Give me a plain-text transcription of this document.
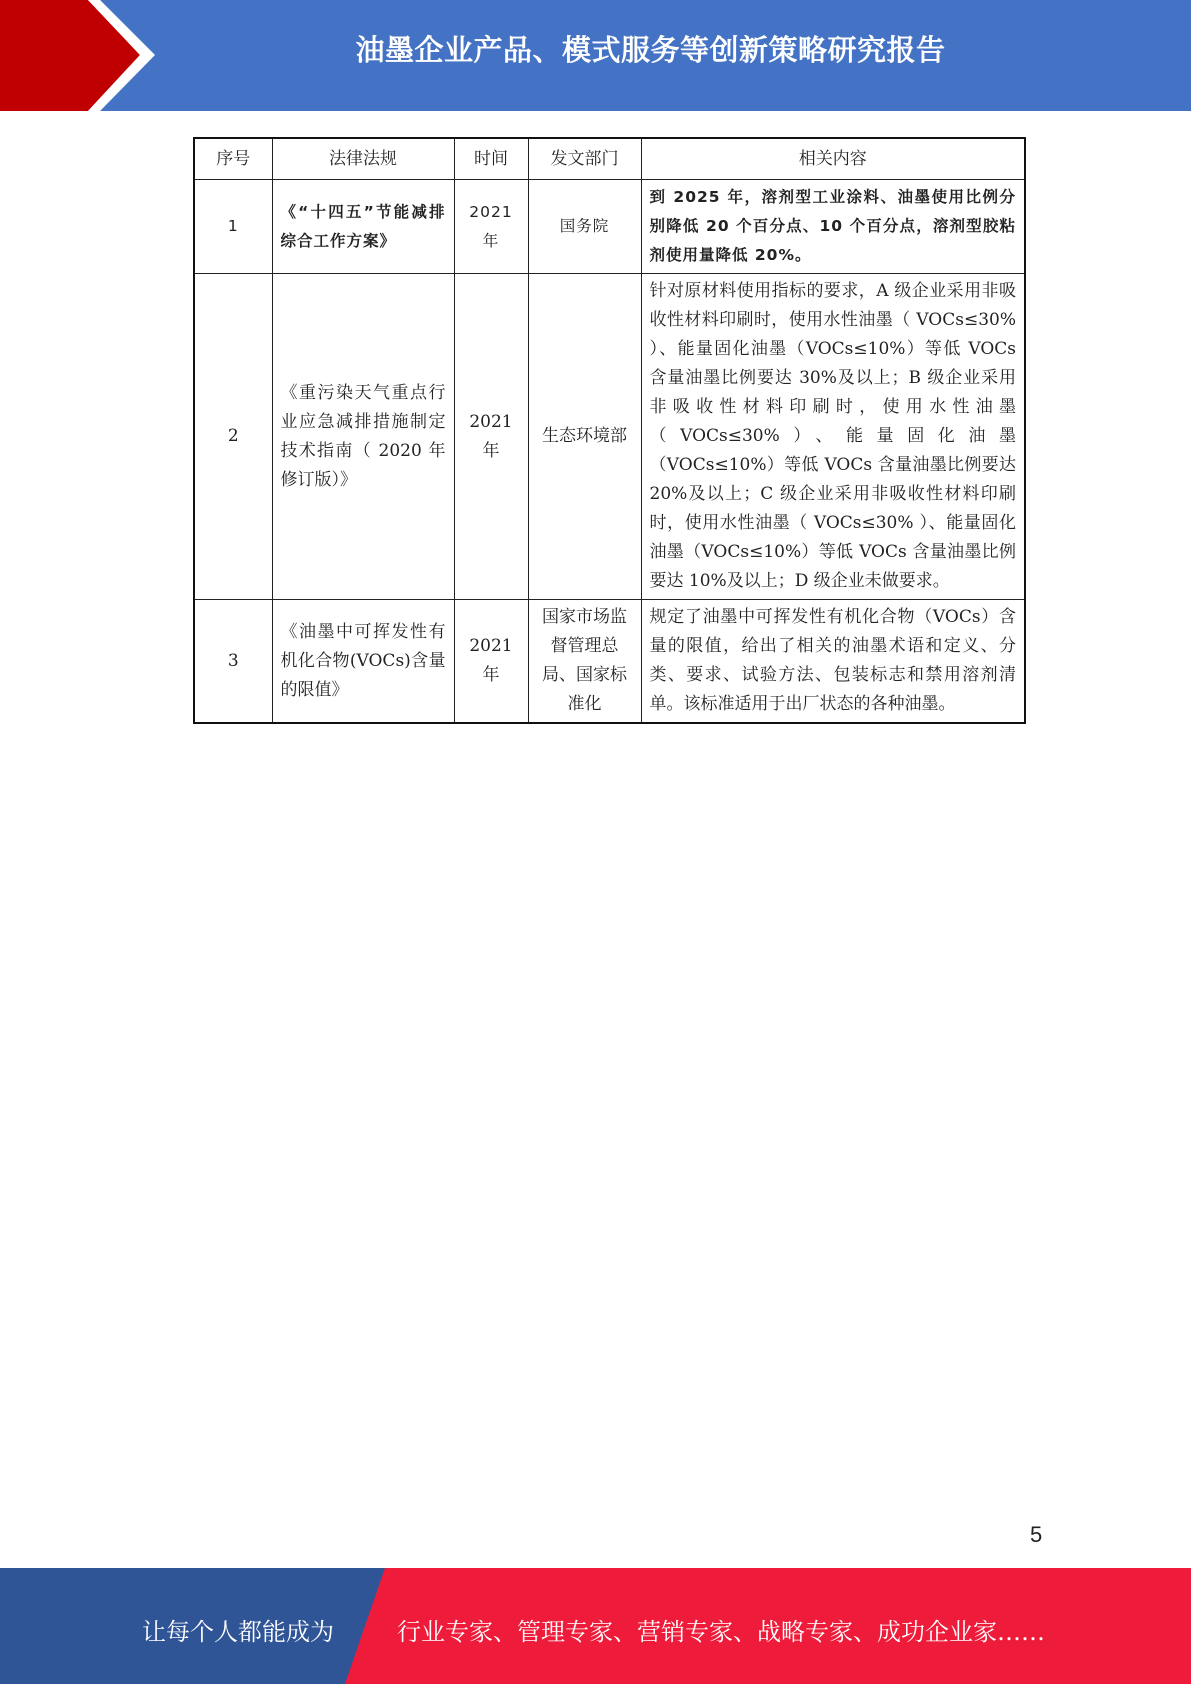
油墨企业产品、模式服务等创新策略研究报告
序号	法律法规	时间	发文部门	相关内容
1	《“十四五”节能减排综合工作方案》	2021年	国务院	到 2025 年，溶剂型工业涂料、油墨使用比例分别降低 20 个百分点、10 个百分点，溶剂型胶粘剂使用量降低 20%。
2	《重污染天气重点行业应急减排措施制定技术指南（ 2020 年修订版）》	2021年	生态环境部	针对原材料使用指标的要求，A 级企业采用非吸收性材料印刷时，使用水性油墨（ VOCs≤30% ）、能量固化油墨（VOCs≤10%）等低 VOCs 含量油墨比例要达 30%及以上；B 级企业采用非吸收性材料印刷时，使用水性油墨（VOCs≤30%）、能量固化油墨（VOCs≤10%）等低 VOCs 含量油墨比例要达 20%及以上；C 级企业采用非吸收性材料印刷时，使用水性油墨（ VOCs≤30% ）、能量固化油墨（VOCs≤10%）等低 VOCs 含量油墨比例要达 10%及以上；D 级企业未做要求。
3	《油墨中可挥发性有机化合物(VOCs)含量的限值》	2021年	国家市场监督管理总局、国家标准化	规定了油墨中可挥发性有机化合物（VOCs）含量的限值，给出了相关的油墨术语和定义、分类、要求、试验方法、包装标志和禁用溶剂清单。该标准适用于出厂状态的各种油墨。
5
让每个人都能成为	行业专家、管理专家、营销专家、战略专家、成功企业家……
